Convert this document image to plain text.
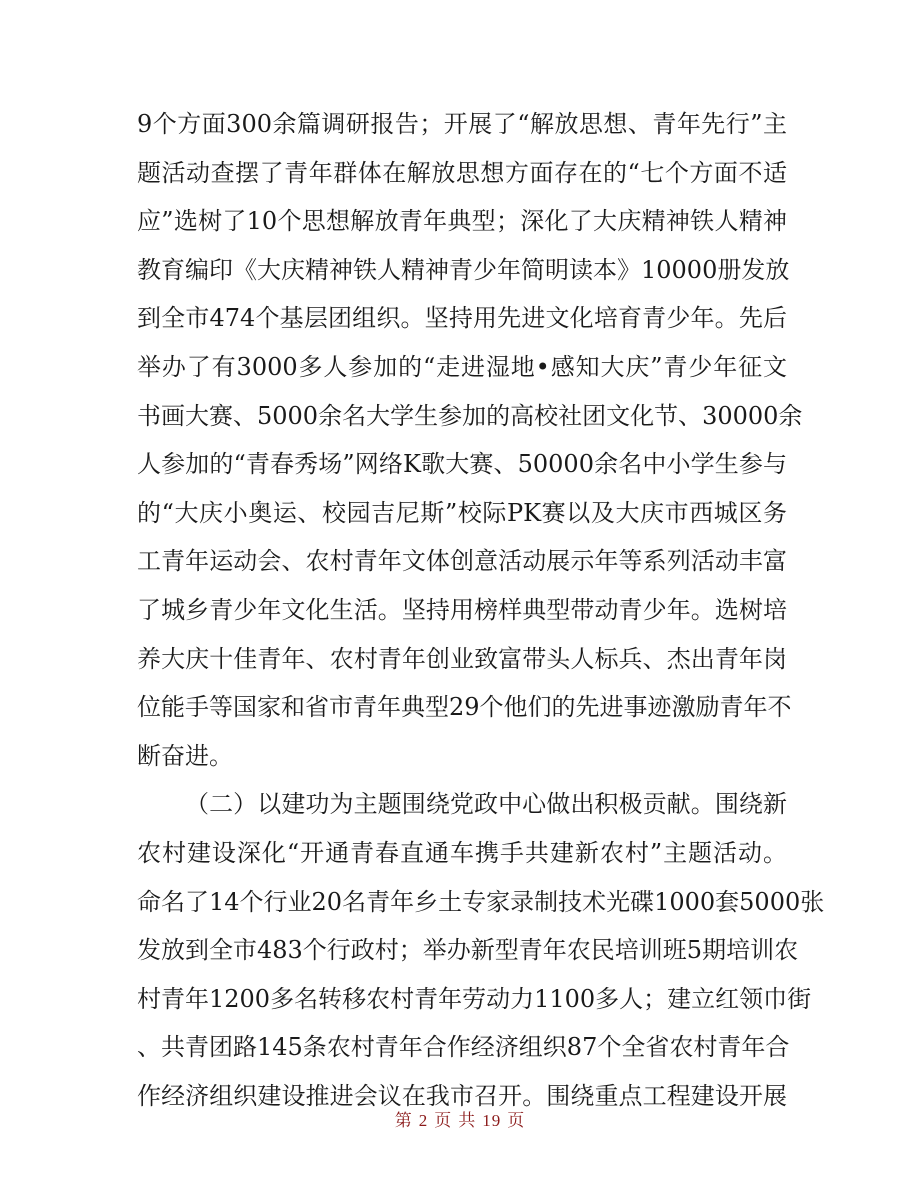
9个方面300余篇调研报告；开展了“解放思想、青年先行”主

题活动查摆了青年群体在解放思想方面存在的“七个方面不适

应”选树了10个思想解放青年典型；深化了大庆精神铁人精神

教育编印《大庆精神铁人精神青少年简明读本》10000册发放

到全市474个基层团组织。坚持用先进文化培育青少年。先后

举办了有3000多人参加的“走进湿地•感知大庆”青少年征文

书画大赛、5000余名大学生参加的高校社团文化节、30000余

人参加的“青春秀场”网络K歌大赛、50000余名中小学生参与

的“大庆小奥运、校园吉尼斯”校际PK赛以及大庆市西城区务

工青年运动会、农村青年文体创意活动展示年等系列活动丰富

了城乡青少年文化生活。坚持用榜样典型带动青少年。选树培

养大庆十佳青年、农村青年创业致富带头人标兵、杰出青年岗

位能手等国家和省市青年典型29个他们的先进事迹激励青年不

断奋进。

（二）以建功为主题围绕党政中心做出积极贡献。围绕新

农村建设深化“开通青春直通车携手共建新农村”主题活动。

命名了14个行业20名青年乡土专家录制技术光碟1000套5000张

发放到全市483个行政村；举办新型青年农民培训班5期培训农

村青年1200多名转移农村青年劳动力1100多人；建立红领巾街

、共青团路145条农村青年合作经济组织87个全省农村青年合

作经济组织建设推进会议在我市召开。围绕重点工程建设开展

第 2 页 共 19 页
